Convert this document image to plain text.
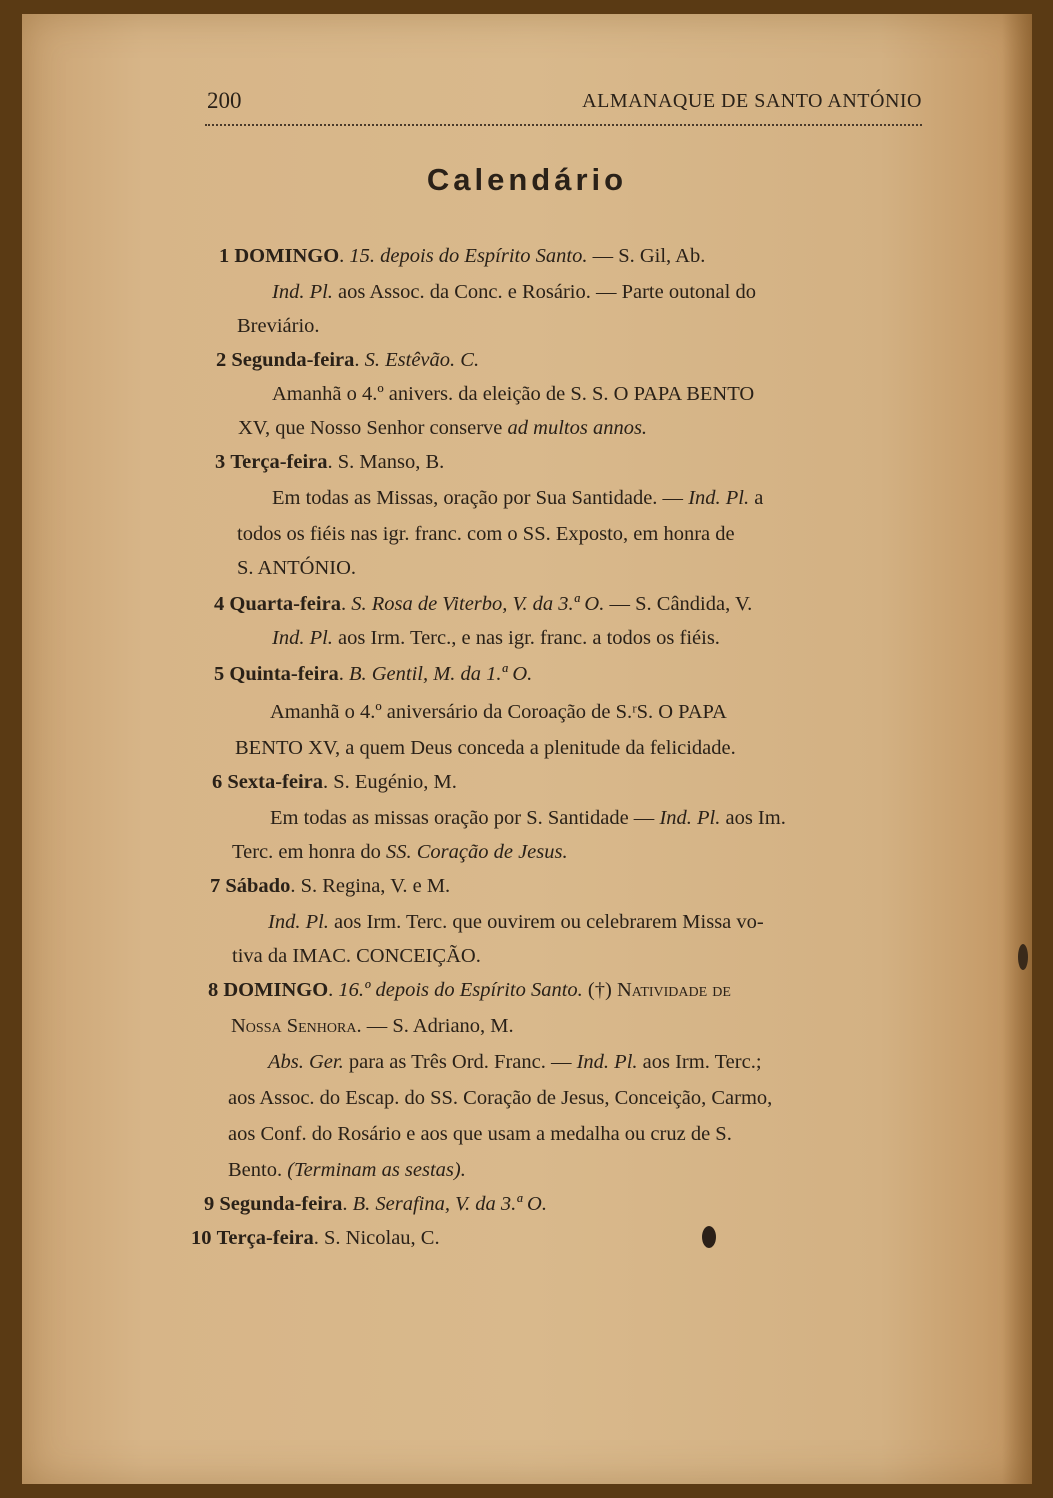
200	ALMANAQUE DE SANTO ANTÓNIO
Calendário
1 DOMINGO. 15. depois do Espírito Santo. — S. Gil, Ab.
Ind. Pl. aos Assoc. da Conc. e Rosário. — Parte outonal do
Breviário.
2 Segunda-feira. S. Estêvão. C.
Amanhã o 4.º anivers. da eleição de S. S. O PAPA BENTO
XV, que Nosso Senhor conserve ad multos annos.
3 Terça-feira. S. Manso, B.
Em todas as Missas, oração por Sua Santidade. — Ind. Pl. a
todos os fiéis nas igr. franc. com o SS. Exposto, em honra de
S. ANTÓNIO.
4 Quarta-feira. S. Rosa de Viterbo, V. da 3.ª O. — S. Cândida, V.
Ind. Pl. aos Irm. Terc., e nas igr. franc. a todos os fiéis.
5 Quinta-feira. B. Gentil, M. da 1.ª O.
Amanhã o 4.º aniversário da Coroação de S.ʳS. O PAPA
BENTO XV, a quem Deus conceda a plenitude da felicidade.
6 Sexta-feira. S. Eugénio, M.
Em todas as missas oração por S. Santidade — Ind. Pl. aos Im.
Terc. em honra do SS. Coração de Jesus.
7 Sábado. S. Regina, V. e M.
Ind. Pl. aos Irm. Terc. que ouvirem ou celebrarem Missa vo-
tiva da IMAC. CONCEIÇÃO.
8 DOMINGO. 16.º depois do Espírito Santo. (†) Natividade de
Nossa Senhora. — S. Adriano, M.
Abs. Ger. para as Três Ord. Franc. — Ind. Pl. aos Irm. Terc.;
aos Assoc. do Escap. do SS. Coração de Jesus, Conceição, Carmo,
aos Conf. do Rosário e aos que usam a medalha ou cruz de S.
Bento. (Terminam as sestas).
9 Segunda-feira. B. Serafina, V. da 3.ª O.
10 Terça-feira. S. Nicolau, C.
